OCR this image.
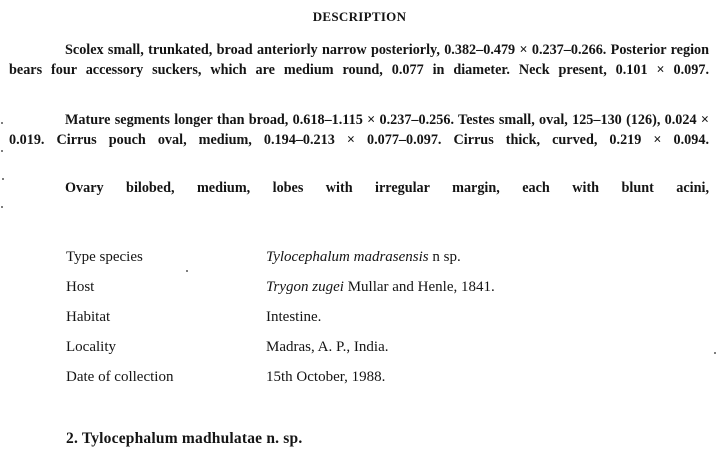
DESCRIPTION
Scolex small, trunkated, broad anteriorly narrow posteriorly, 0.382–0.479 × 0.237–0.266. Posterior region bears four accessory suckers, which are medium round, 0.077 in diameter. Neck present, 0.101 × 0.097.
Mature segments longer than broad, 0.618–1.115 × 0.237–0.256. Testes small, oval, 125–130 (126), 0.024 × 0.019. Cirrus pouch oval, medium, 0.194–0.213 × 0.077–0.097. Cirrus thick, curved, 0.219 × 0.094.
Ovary bilobed, medium, lobes with irregular margin, each with blunt acini,
Type species	Tylocephalum madrasensis n sp.
Host	Trygon zugei Mullar and Henle, 1841.
Habitat	Intestine.
Locality	Madras, A. P., India.
Date of collection	15th October, 1988.
2. Tylocephalum madhulatae n. sp.
